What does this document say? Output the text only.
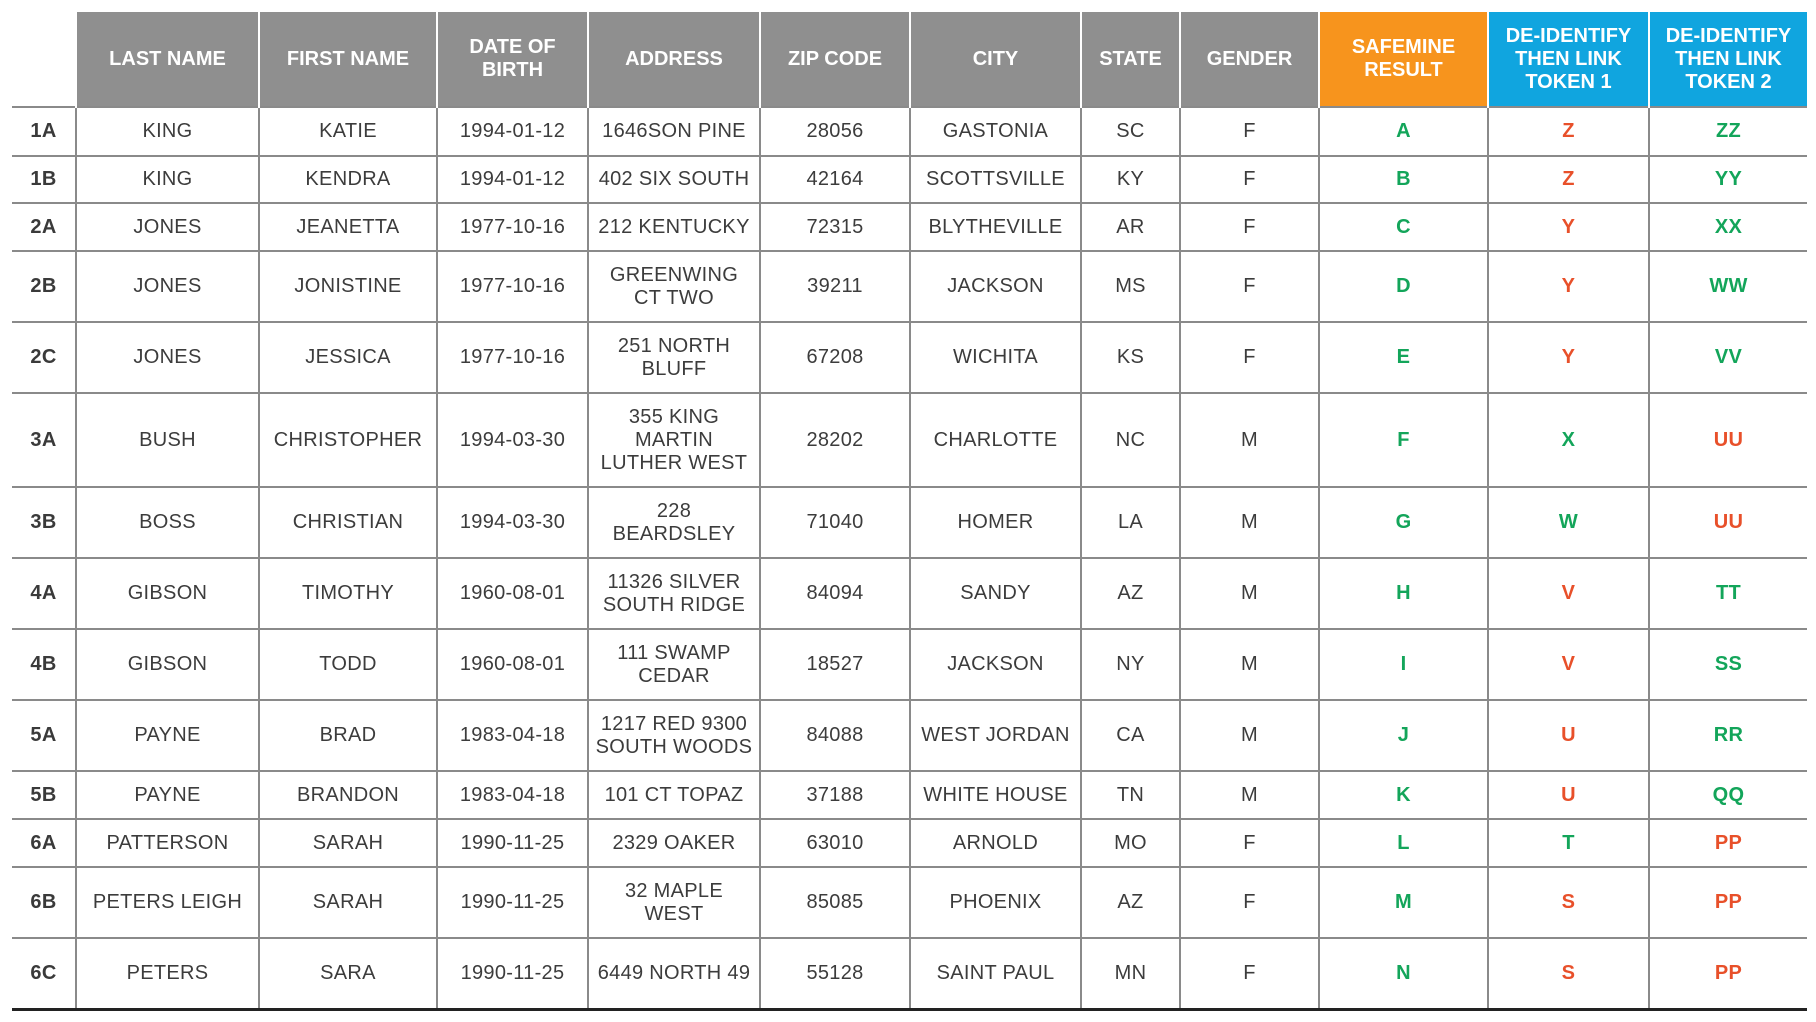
	LAST NAME	FIRST NAME	DATE OF BIRTH	ADDRESS	ZIP CODE	CITY	STATE	GENDER	SAFEMINE RESULT	DE-IDENTIFY THEN LINK TOKEN 1	DE-IDENTIFY THEN LINK TOKEN 2
1A	KING	KATIE	1994-01-12	1646SON PINE	28056	GASTONIA	SC	F	A	Z	ZZ
1B	KING	KENDRA	1994-01-12	402 SIX SOUTH	42164	SCOTTSVILLE	KY	F	B	Z	YY
2A	JONES	JEANETTA	1977-10-16	212 KENTUCKY	72315	BLYTHEVILLE	AR	F	C	Y	XX
2B	JONES	JONISTINE	1977-10-16	GREENWING CT TWO	39211	JACKSON	MS	F	D	Y	WW
2C	JONES	JESSICA	1977-10-16	251 NORTH BLUFF	67208	WICHITA	KS	F	E	Y	VV
3A	BUSH	CHRISTOPHER	1994-03-30	355 KING MARTIN LUTHER WEST	28202	CHARLOTTE	NC	M	F	X	UU
3B	BOSS	CHRISTIAN	1994-03-30	228 BEARDSLEY	71040	HOMER	LA	M	G	W	UU
4A	GIBSON	TIMOTHY	1960-08-01	11326 SILVER SOUTH RIDGE	84094	SANDY	AZ	M	H	V	TT
4B	GIBSON	TODD	1960-08-01	111 SWAMP CEDAR	18527	JACKSON	NY	M	I	V	SS
5A	PAYNE	BRAD	1983-04-18	1217 RED 9300 SOUTH WOODS	84088	WEST JORDAN	CA	M	J	U	RR
5B	PAYNE	BRANDON	1983-04-18	101 CT TOPAZ	37188	WHITE HOUSE	TN	M	K	U	QQ
6A	PATTERSON	SARAH	1990-11-25	2329 OAKER	63010	ARNOLD	MO	F	L	T	PP
6B	PETERS LEIGH	SARAH	1990-11-25	32 MAPLE WEST	85085	PHOENIX	AZ	F	M	S	PP
6C	PETERS	SARA	1990-11-25	6449 NORTH 49	55128	SAINT PAUL	MN	F	N	S	PP
